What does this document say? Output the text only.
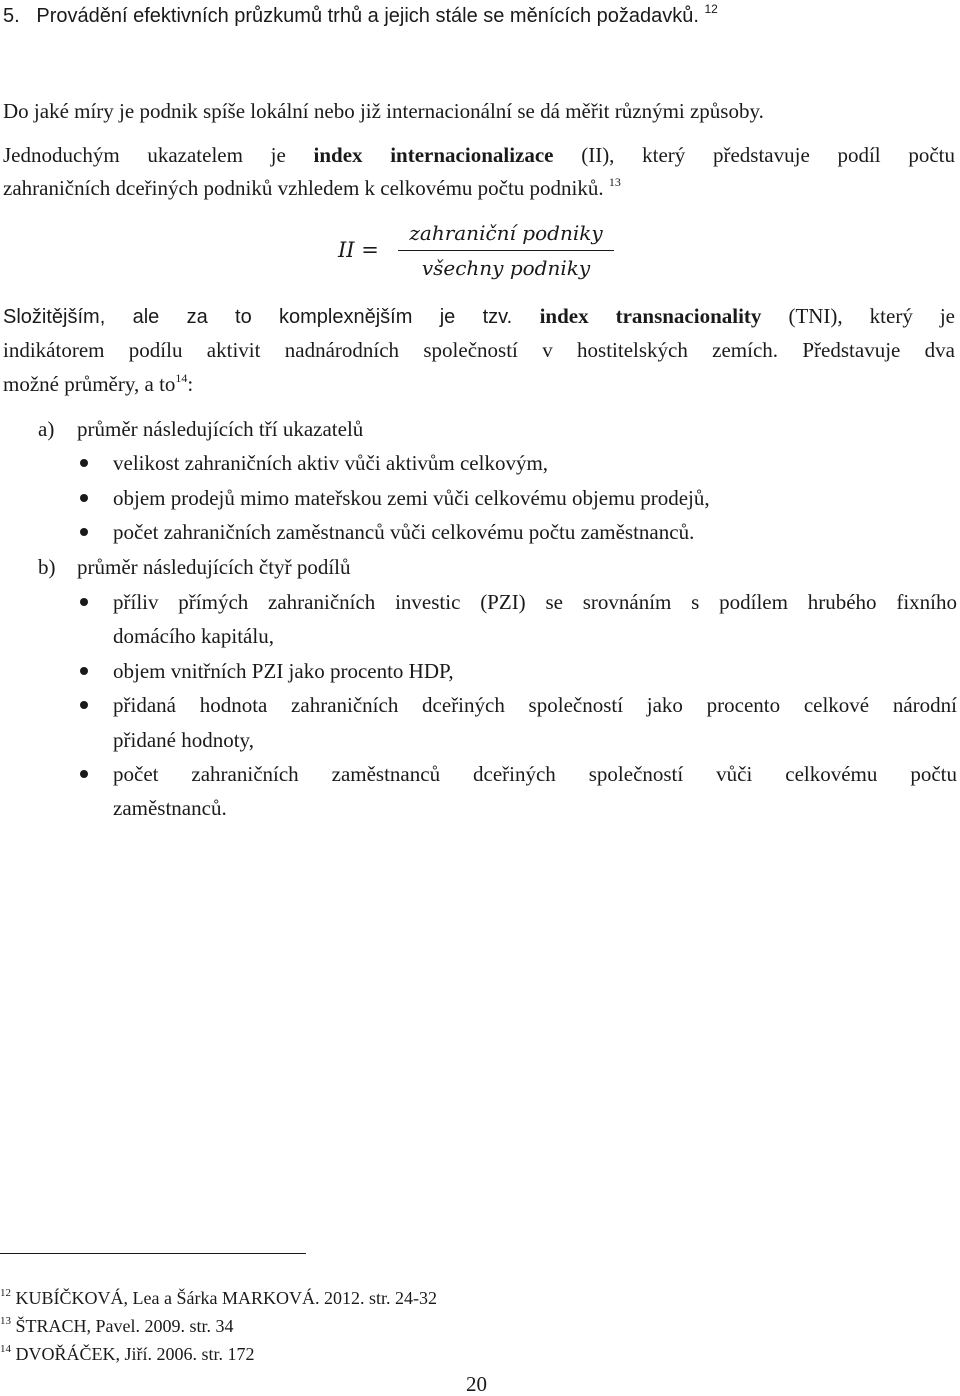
5. Provádění efektivních průzkumů trhů a jejich stále se měnících požadavků. $^{12}$
Do jaké míry je podnik spíše lokální nebo již internacionální se dá měřit různými způsoby.
Jednoduchým ukazatelem je index internacionalizace (II), který představuje podíl počtu
zahraničních dceřiných podniků vzhledem k celkovému počtu podniků. $^{13}$
II =
zahraniční podniky
všechny podniky
Složitějším, ale za to komplexnějším je tzv. index transnacionality (TNI), který je
indikátorem podílu aktivit nadnárodních společností v hostitelských zemích. Představuje dva
možné průměry, a $to^{14}$:
a) průměr následujících tří ukazatelů
velikost zahraničních aktiv vůči aktivům celkovým,
objem prodejů mimo mateřskou zemi vůči celkovému objemu prodejů,
počet zahraničních zaměstnanců vůči celkovému počtu zaměstnanců.
b) průměr následujících čtyř podílů
příliv přímých zahraničních investic (PZI) se srovnáním s podílem hrubého fixního
domácího kapitálu,
objem vnitřních PZI jako procento HDP,
přidaná hodnota zahraničních dceřiných společností jako procento celkové národní
přidané hodnoty,
počet zahraničních zaměstnanců dceřiných společností vůči celkovému počtu
zaměstnanců.
$^{12}$ KUBÍČKOVÁ, Lea a Šárka MARKOVÁ. 2012. str. 24-32
$^{13}$ ŠTRACH, Pavel. 2009. str. 34
$^{14}$ DVOŘÁČEK, Jiří. 2006. str. 172
20
